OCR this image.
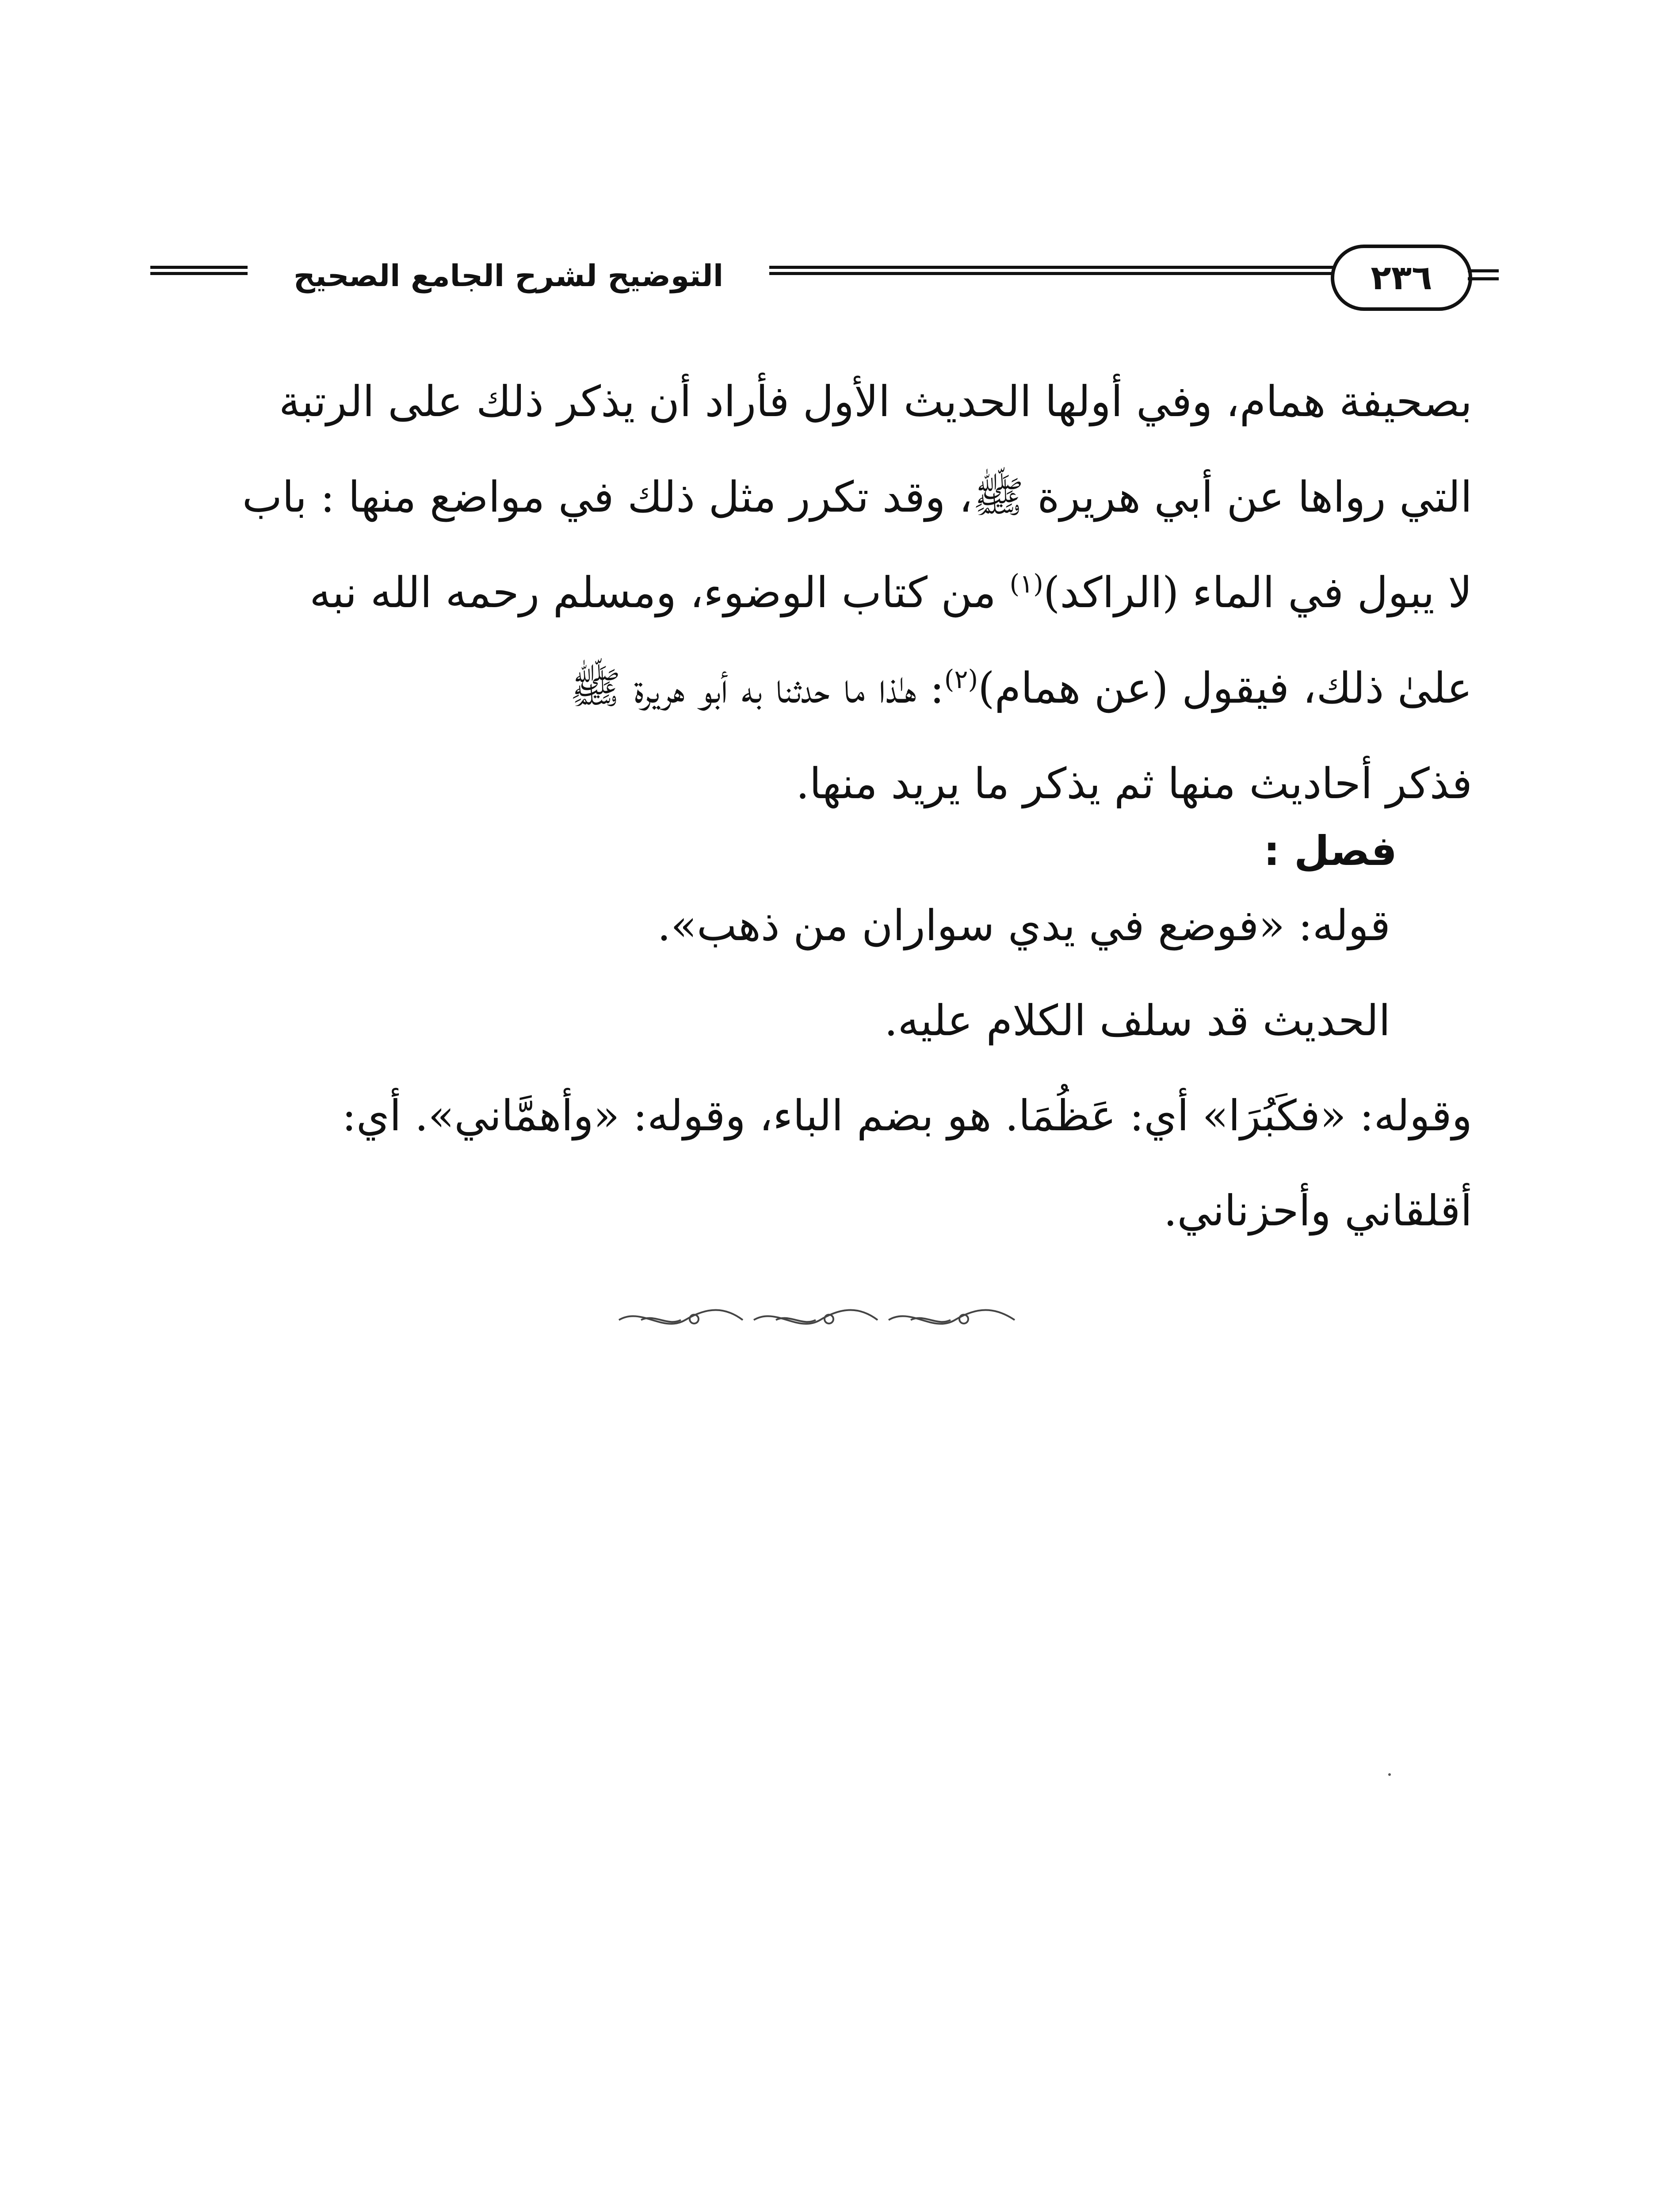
التوضيح لشرح الجامع الصحيح	٢٣٦

بصحيفة همام، وفي أولها الحديث الأول فأراد أن يذكر ذلك على الرتبة

التي رواها عن أبي هريرة ﷺ، وقد تكرر مثل ذلك في مواضع منها : باب

لا يبول في الماء (الراكد)$^{(١)}$ من كتاب الوضوء، ومسلم رحمه الله نبه

علىٰ ذلك، فيقول (عن همام)$^{(٢)}$: هـٰذا ما حدثنا به أبو هريرة ﷺ

فذكر أحاديث منها ثم يذكر ما يريد منها.

فصل :
قوله: «فوضع في يدي سواران من ذهب».
الحديث قد سلف الكلام عليه.
وقوله: «فكَبُرَا» أي: عَظُمَا. هو بضم الباء، وقوله: «وأهمَّاني». أي:
أقلقاني وأحزناني.
